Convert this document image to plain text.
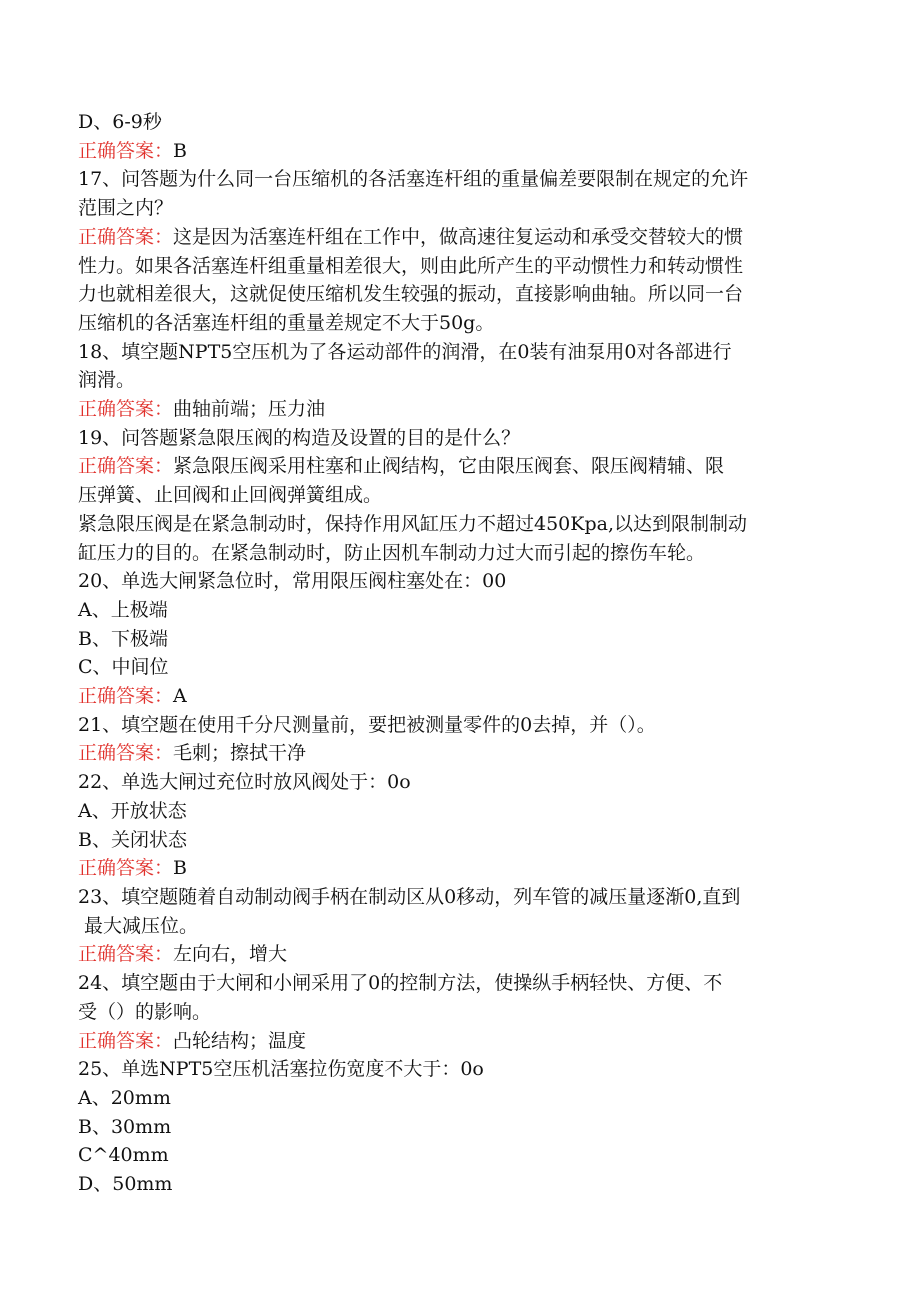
D、6-9秒
正确答案：B
17、问答题为什么同一台压缩机的各活塞连杆组的重量偏差要限制在规定的允许
范围之内？
正确答案：这是因为活塞连杆组在工作中，做高速往复运动和承受交替较大的惯
性力。如果各活塞连杆组重量相差很大，则由此所产生的平动惯性力和转动惯性
力也就相差很大，这就促使压缩机发生较强的振动，直接影响曲轴。所以同一台
压缩机的各活塞连杆组的重量差规定不大于50g。
18、填空题NPT5空压机为了各运动部件的润滑，在0装有油泵用0对各部进行
润滑。
正确答案：曲轴前端；压力油
19、问答题紧急限压阀的构造及设置的目的是什么？
正确答案：紧急限压阀采用柱塞和止阀结构，它由限压阀套、限压阀精辅、限
压弹簧、止回阀和止回阀弹簧组成。
紧急限压阀是在紧急制动时，保持作用风缸压力不超过450Kpa,以达到限制制动
缸压力的目的。在紧急制动时，防止因机车制动力过大而引起的擦伤车轮。
20、单选大闸紧急位时，常用限压阀柱塞处在：00
A、上极端
B、下极端
C、中间位
正确答案：A
21、填空题在使用千分尺测量前，要把被测量零件的0去掉，并（）。
正确答案：毛刺；擦拭干净
22、单选大闸过充位时放风阀处于：0o
A、开放状态
B、关闭状态
正确答案：B
23、填空题随着自动制动阀手柄在制动区从0移动，列车管的减压量逐渐0,直到
最大减压位。
正确答案：左向右，增大
24、填空题由于大闸和小闸采用了0的控制方法，使操纵手柄轻快、方便、不
受（）的影响。
正确答案：凸轮结构；温度
25、单选NPT5空压机活塞拉伤宽度不大于：0o
A、20mm
B、30mm
C^40mm
D、50mm
